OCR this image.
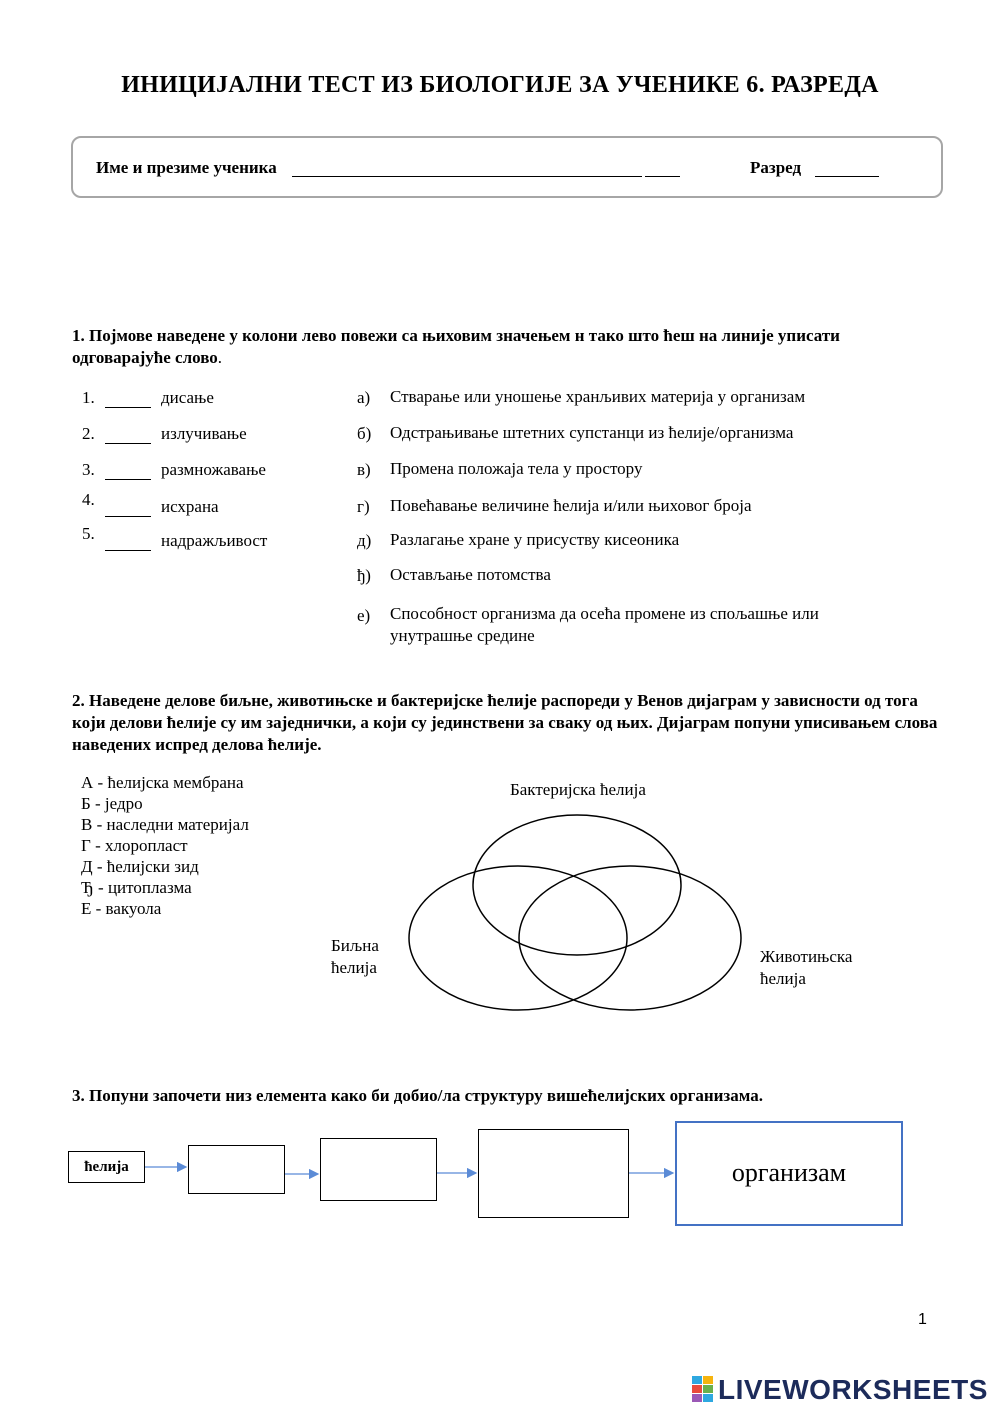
ИНИЦИЈАЛНИ ТЕСТ ИЗ БИОЛОГИЈЕ ЗА УЧЕНИКЕ 6. РАЗРЕДА
Име и презиме ученика	Разред
1. Појмове наведене у колони лево повежи са њиховим значењем н тако што ћеш на линије уписати одговарајуће слово.
1.	дисање
2.	излучивање
3.	размножавање
4.	исхрана
5.	надражљивост
а) Стварање или уношење хранљивих материја у организам
б) Одстрањивање штетних супстанци из ћелије/организма
в) Промена положаја тела у простору
г) Повећавање величине ћелија и/или њиховог броја
д) Разлагање хране у присуству кисеоника
ђ) Остављање потомства
е) Способност организма да осећа промене из спољашње или унутрашње средине
2. Наведене делове биљне, животињске и бактеријске ћелије распореди у Венов дијаграм у зависности од тога који делови ћелије су им заједнички, а који су јединствени за сваку од њих. Дијаграм попуни уписивањем слова наведених испред делова ћелије.
А - ћелијска мембрана
Б - једро
В - наследни материјал
Г - хлоропласт
Д - ћелијски зид
Ђ - цитоплазма
Е - вакуола
Бактеријска ћелија
Биљна
ћелија
Животињска
ћелија
3. Попуни започети низ елемента како би добио/ла структуру вишећелијских организама.
ћелија	организам
1
LIVEWORKSHEETS
